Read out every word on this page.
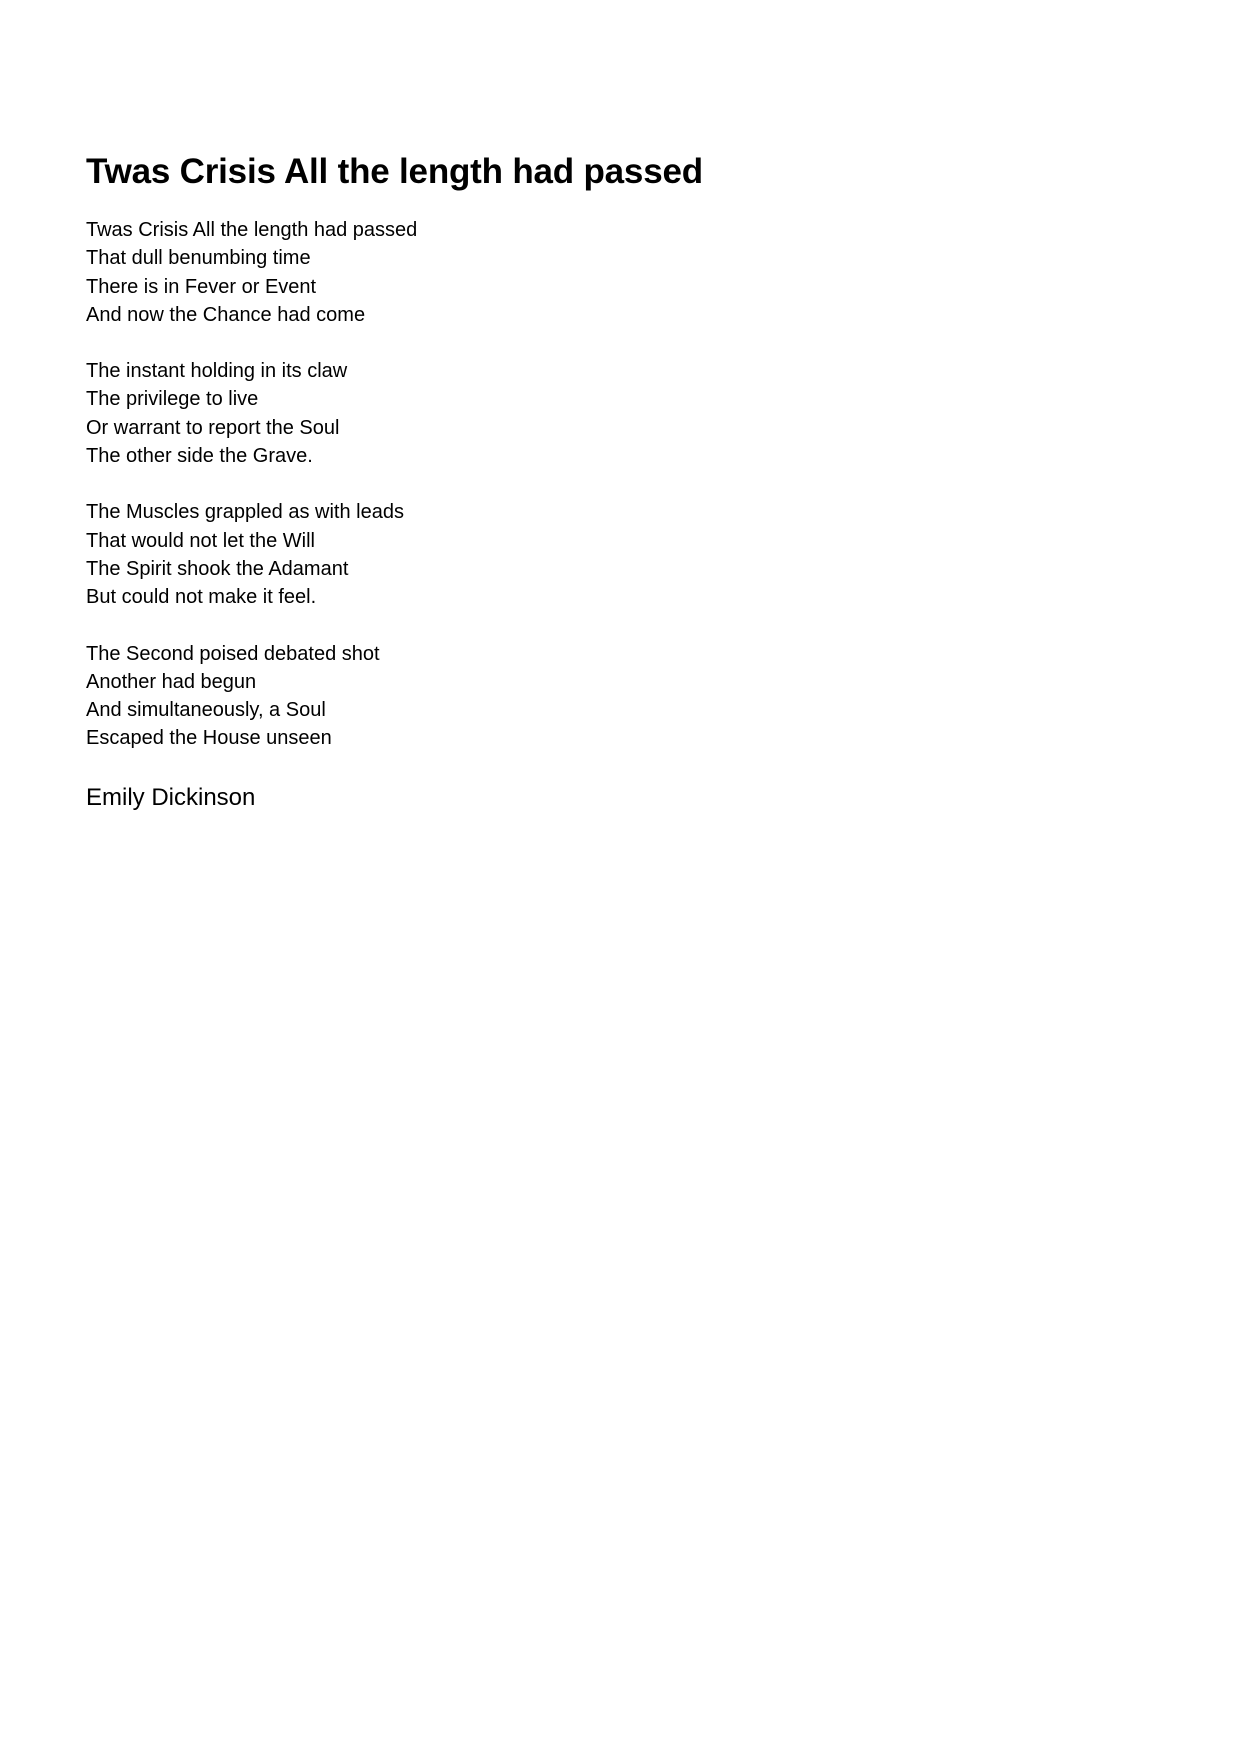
Twas Crisis All the length had passed
Twas Crisis All the length had passed
That dull benumbing time
There is in Fever or Event
And now the Chance had come
The instant holding in its claw
The privilege to live
Or warrant to report the Soul
The other side the Grave.
The Muscles grappled as with leads
That would not let the Will
The Spirit shook the Adamant
But could not make it feel.
The Second poised debated shot
Another had begun
And simultaneously, a Soul
Escaped the House unseen

Emily Dickinson
